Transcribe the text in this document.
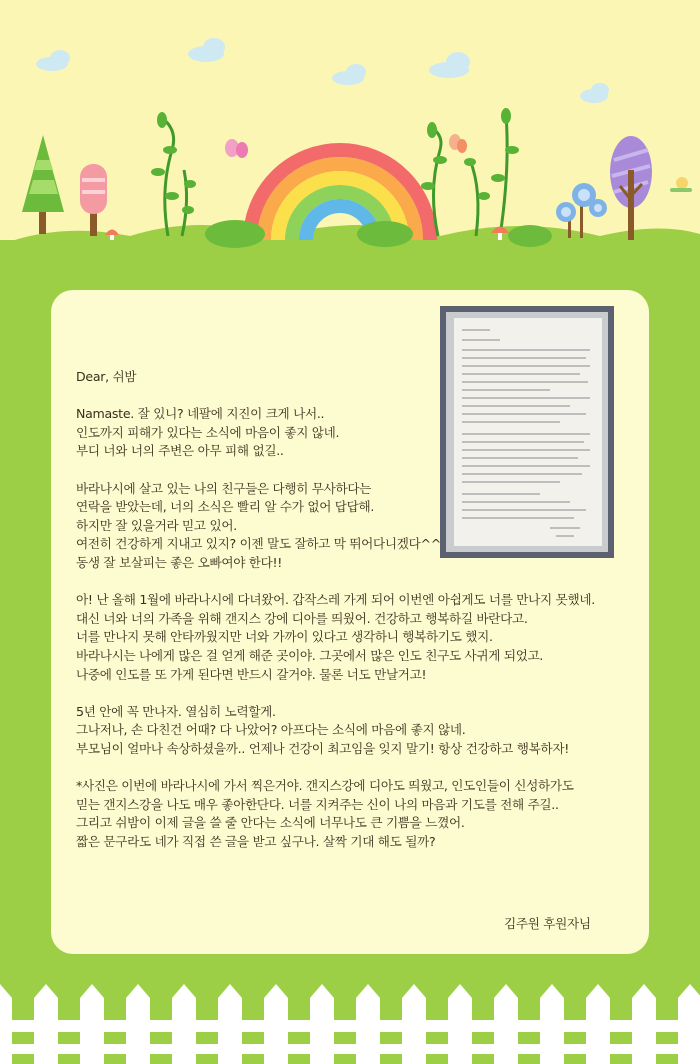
Dear, 쉬밤

Namaste. 잘 있니? 네팔에 지진이 크게 나서..

인도까지 피해가 있다는 소식에 마음이 좋지 않네.

부디 너와 너의 주변은 아무 피해 없길..

바라나시에 살고 있는 나의 친구들은 다행히 무사하다는

연락을 받았는데, 너의 소식은 빨리 알 수가 없어 답답해.

하지만 잘 있을거라 믿고 있어.

여전히 건강하게 지내고 있지? 이젠 말도 잘하고 막 뛰어다니겠다^^

동생 잘 보살피는 좋은 오빠여야 한다!!

아! 난 올해 1월에 바라나시에 다녀왔어. 갑작스레 가게 되어 이번엔 아쉽게도 너를 만나지 못했네.

대신 너와 너의 가족을 위해 갠지스 강에 디아를 띄웠어. 건강하고 행복하길 바란다고.

너를 만나지 못해 안타까웠지만 너와 가까이 있다고 생각하니 행복하기도 했지.

바라나시는 나에게 많은 걸 얻게 해준 곳이야. 그곳에서 많은 인도 친구도 사귀게 되었고.

나중에 인도를 또 가게 된다면 반드시 갈거야. 물론 너도 만날거고!

5년 안에 꼭 만나자. 열심히 노력할게.

그나저나, 손 다친건 어때? 다 나았어? 아프다는 소식에 마음에 좋지 않네.

부모님이 얼마나 속상하셨을까.. 언제나 건강이 최고임을 잊지 말기! 항상 건강하고 행복하자!

*사진은 이번에 바라나시에 가서 찍은거야. 갠지스강에 디아도 띄웠고, 인도인들이 신성하가도

믿는 갠지스강을 나도 매우 좋아한단다. 너를 지켜주는 신이 나의 마음과 기도를 전해 주길..

그리고 쉬밤이 이제 글을 쓸 줄 안다는 소식에 너무나도 큰 기쁨을 느꼈어.

짧은 문구라도 네가 직접 쓴 글을 받고 싶구나. 살짝 기대 해도 될까?

김주원 후원자님
